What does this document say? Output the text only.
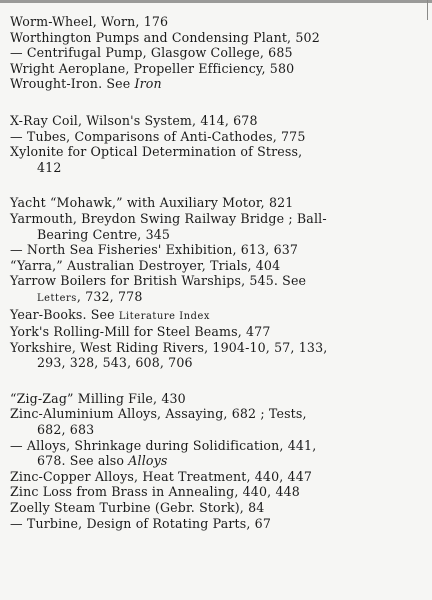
Worm-Wheel, Worn, 176
Worthington Pumps and Condensing Plant, 502
— Centrifugal Pump, Glasgow College, 685
Wright Aeroplane, Propeller Efficiency, 580
Wrought-Iron. See Iron
X-Ray Coil, Wilson's System, 414, 678
— Tubes, Comparisons of Anti-Cathodes, 775
Xylonite for Optical Determination of Stress,
412
Yacht “Mohawk,” with Auxiliary Motor, 821
Yarmouth, Breydon Swing Railway Bridge ; Ball-
Bearing Centre, 345
— North Sea Fisheries' Exhibition, 613, 637
“Yarra,” Australian Destroyer, Trials, 404
Yarrow Boilers for British Warships, 545. See
Letters, 732, 778
Year-Books. See Literature Index
York's Rolling-Mill for Steel Beams, 477
Yorkshire, West Riding Rivers, 1904-10, 57, 133,
293, 328, 543, 608, 706
“Zig-Zag” Milling File, 430
Zinc-Aluminium Alloys, Assaying, 682 ; Tests,
682, 683
— Alloys, Shrinkage during Solidification, 441,
678. See also Alloys
Zinc-Copper Alloys, Heat Treatment, 440, 447
Zinc Loss from Brass in Annealing, 440, 448
Zoelly Steam Turbine (Gebr. Stork), 84
— Turbine, Design of Rotating Parts, 67
